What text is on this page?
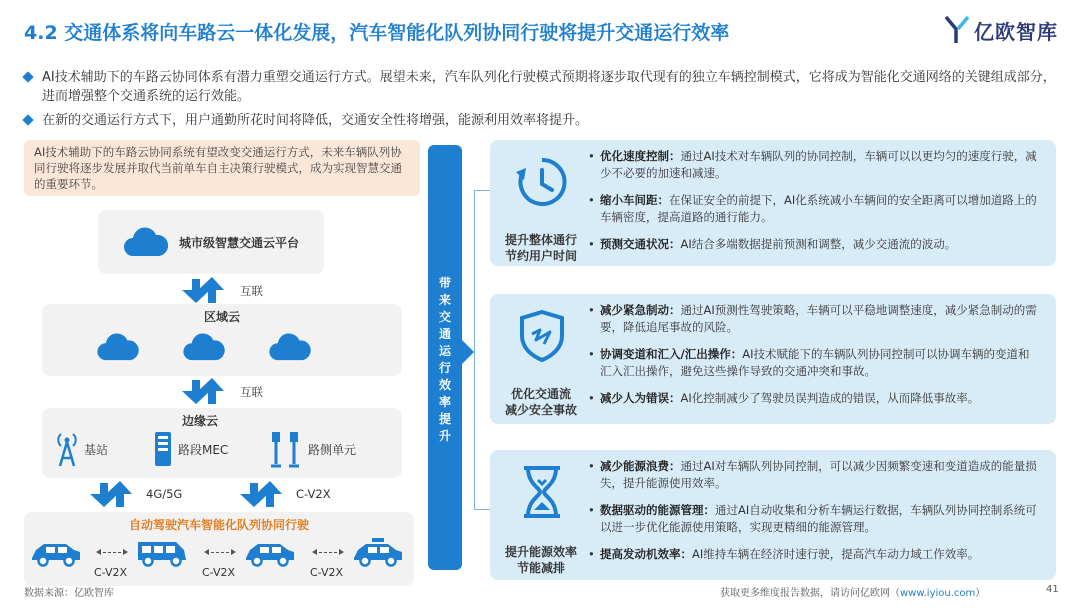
4.2 交通体系将向车路云一体化发展，汽车智能化队列协同行驶将提升交通运行效率	亿欧智库
AI技术辅助下的车路云协同体系有潜力重塑交通运行方式。展望未来，汽车队列化行驶模式预期将逐步取代现有的独立车辆控制模式，它将成为智能化交通网络的关键组成部分，进而增强整个交通系统的运行效能。
在新的交通运行方式下，用户通勤所花时间将降低，交通安全性将增强，能源利用效率将提升。
AI技术辅助下的车路云协同系统有望改变交通运行方式，未来车辆队列协同行驶将逐步发展并取代当前单车自主决策行驶模式，成为实现智慧交通的重要环节。
城市级智慧交通云平台
互联
区域云
互联
边缘云
基站	路段MEC	路侧单元
4G/5G	C-V2X
自动驾驶汽车智能化队列协同行驶
C-V2X	C-V2X	C-V2X
带
来
交
通
运
行
效
率
提
升
提升整体通行
节约用户时间
• 优化速度控制：通过AI技术对车辆队列的协同控制，车辆可以以更均匀的速度行驶，减少不必要的加速和减速。
• 缩小车间距：在保证安全的前提下，AI化系统减小车辆间的安全距离可以增加道路上的车辆密度，提高道路的通行能力。
• 预测交通状况：AI结合多端数据提前预测和调整，减少交通流的波动。
优化交通流
减少安全事故
• 减少紧急制动：通过AI预测性驾驶策略，车辆可以平稳地调整速度，减少紧急制动的需要，降低追尾事故的风险。
• 协调变道和汇入/汇出操作：AI技术赋能下的车辆队列协同控制可以协调车辆的变道和汇入汇出操作，避免这些操作导致的交通冲突和事故。
• 减少人为错误：AI化控制减少了驾驶员误判造成的错误，从而降低事故率。
提升能源效率
节能减排
• 减少能源浪费：通过AI对车辆队列协同控制，可以减少因频繁变速和变道造成的能量损失，提升能源使用效率。
• 数据驱动的能源管理：通过AI自动收集和分析车辆运行数据，车辆队列协同控制系统可以进一步优化能源使用策略，实现更精细的能源管理。
• 提高发动机效率：AI维持车辆在经济时速行驶，提高汽车动力域工作效率。
数据来源：亿欧智库	获取更多维度报告数据，请访问亿欧网（www.iyiou.com）	41
